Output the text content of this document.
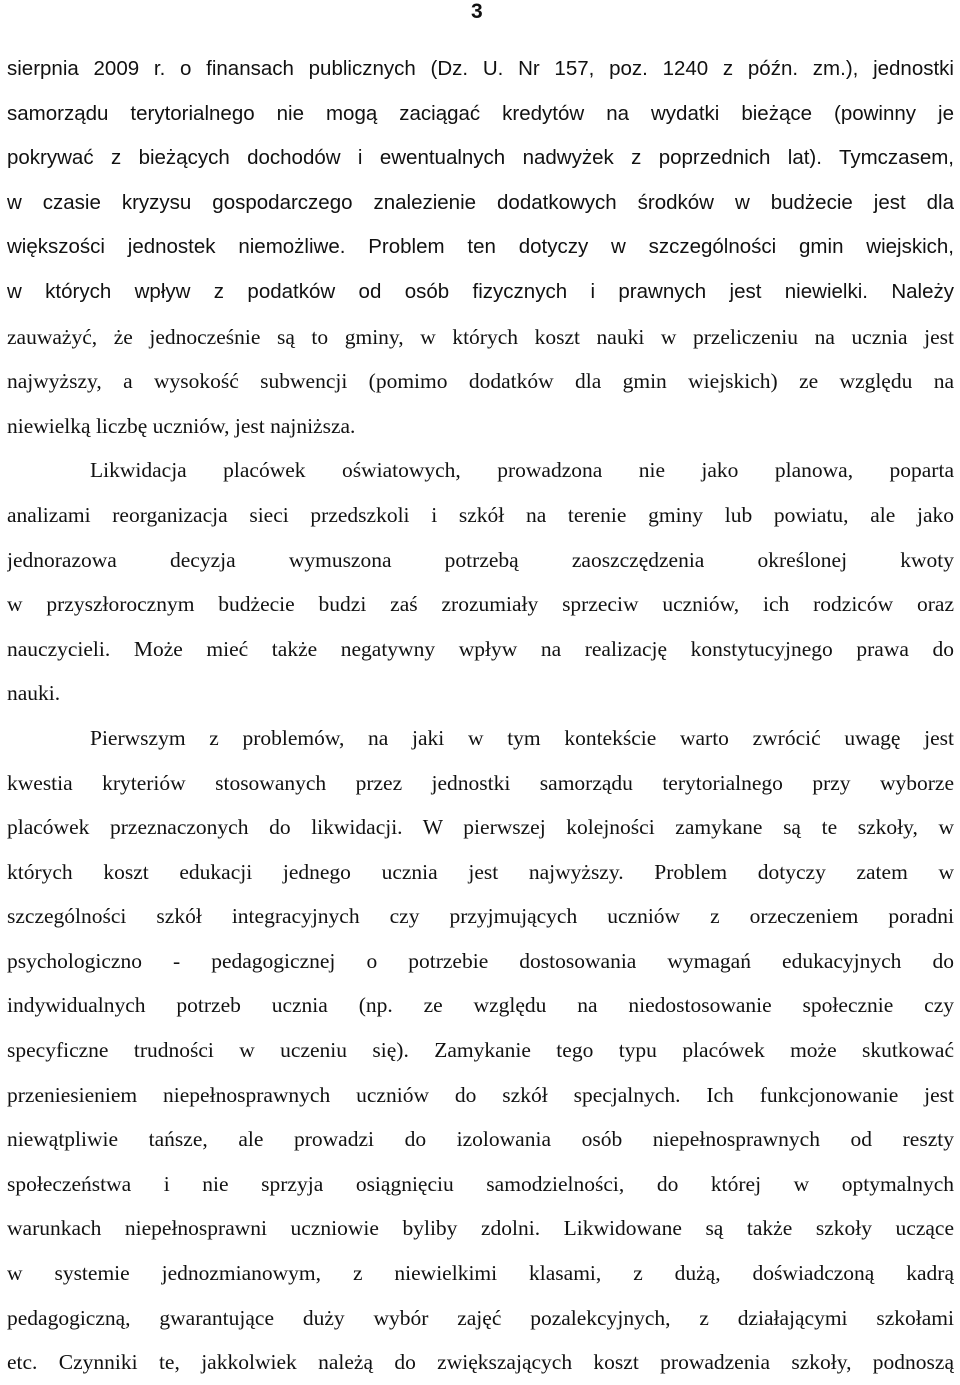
3
sierpnia 2009 r. o finansach publicznych (Dz. U. Nr 157, poz. 1240 z późn. zm.), jednostki
samorządu terytorialnego nie mogą zaciągać kredytów na wydatki bieżące (powinny je
pokrywać z bieżących dochodów i ewentualnych nadwyżek z poprzednich lat). Tymczasem,
w czasie kryzysu gospodarczego znalezienie dodatkowych środków w budżecie jest dla
większości jednostek niemożliwe. Problem ten dotyczy w szczególności gmin wiejskich,
w których wpływ z podatków od osób fizycznych i prawnych jest niewielki. Należy
zauważyć, że jednocześnie są to gminy, w których koszt nauki w przeliczeniu na ucznia jest
najwyższy, a wysokość subwencji (pomimo dodatków dla gmin wiejskich) ze względu na
niewielką liczbę uczniów, jest najniższa.
Likwidacja placówek oświatowych, prowadzona nie jako planowa, poparta
analizami reorganizacja sieci przedszkoli i szkół na terenie gminy lub powiatu, ale jako
jednorazowa decyzja wymuszona potrzebą zaoszczędzenia określonej kwoty
w przyszłorocznym budżecie budzi zaś zrozumiały sprzeciw uczniów, ich rodziców oraz
nauczycieli. Może mieć także negatywny wpływ na realizację konstytucyjnego prawa do
nauki.
Pierwszym z problemów, na jaki w tym kontekście warto zwrócić uwagę jest
kwestia kryteriów stosowanych przez jednostki samorządu terytorialnego przy wyborze
placówek przeznaczonych do likwidacji. W pierwszej kolejności zamykane są te szkoły, w
których koszt edukacji jednego ucznia jest najwyższy. Problem dotyczy zatem w
szczególności szkół integracyjnych czy przyjmujących uczniów z orzeczeniem poradni
psychologiczno - pedagogicznej o potrzebie dostosowania wymagań edukacyjnych do
indywidualnych potrzeb ucznia (np. ze względu na niedostosowanie społecznie czy
specyficzne trudności w uczeniu się). Zamykanie tego typu placówek może skutkować
przeniesieniem niepełnosprawnych uczniów do szkół specjalnych. Ich funkcjonowanie jest
niewątpliwie tańsze, ale prowadzi do izolowania osób niepełnosprawnych od reszty
społeczeństwa i nie sprzyja osiągnięciu samodzielności, do której w optymalnych
warunkach niepełnosprawni uczniowie byliby zdolni. Likwidowane są także szkoły uczące
w systemie jednozmianowym, z niewielkimi klasami, z dużą, doświadczoną kadrą
pedagogiczną, gwarantujące duży wybór zajęć pozalekcyjnych, z działającymi szkołami
etc. Czynniki te, jakkolwiek należą do zwiększających koszt prowadzenia szkoły, podnoszą
